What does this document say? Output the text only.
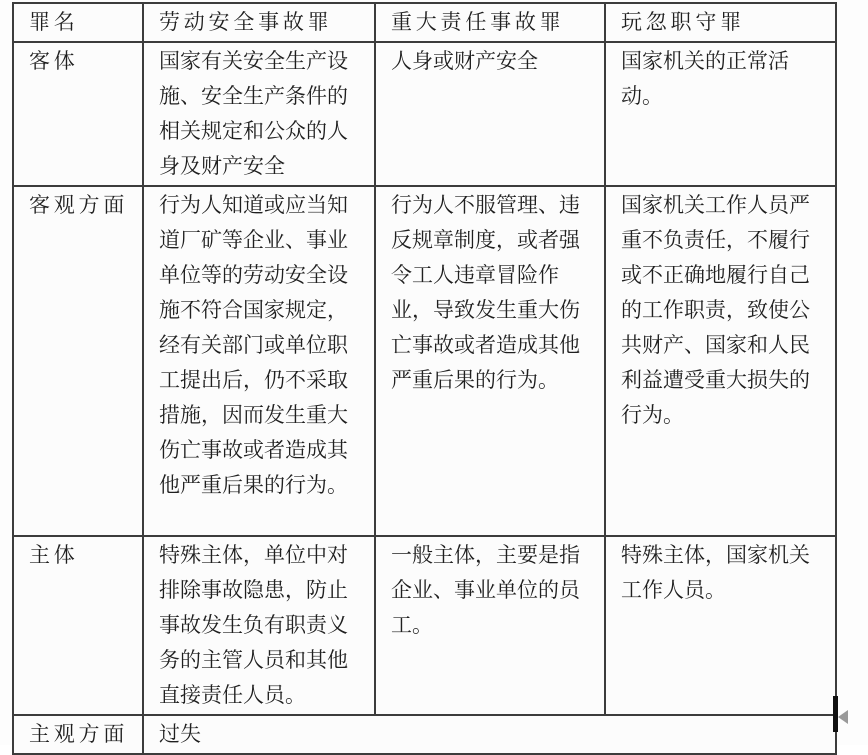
罪名	劳动安全事故罪	重大责任事故罪	玩忽职守罪
客体	国家有关安全生产设施、安全生产条件的相关规定和公众的人身及财产安全	人身或财产安全	国家机关的正常活动。
客观方面	行为人知道或应当知道厂矿等企业、事业单位等的劳动安全设施不符合国家规定，经有关部门或单位职工提出后，仍不采取措施，因而发生重大伤亡事故或者造成其他严重后果的行为。	行为人不服管理、违反规章制度，或者强令工人违章冒险作业，导致发生重大伤亡事故或者造成其他严重后果的行为。	国家机关工作人员严重不负责任，不履行或不正确地履行自己的工作职责，致使公共财产、国家和人民利益遭受重大损失的行为。
主体	特殊主体，单位中对排除事故隐患，防止事故发生负有职责义务的主管人员和其他直接责任人员。	一般主体，主要是指企业、事业单位的员工。	特殊主体，国家机关工作人员。
主观方面	过失		
